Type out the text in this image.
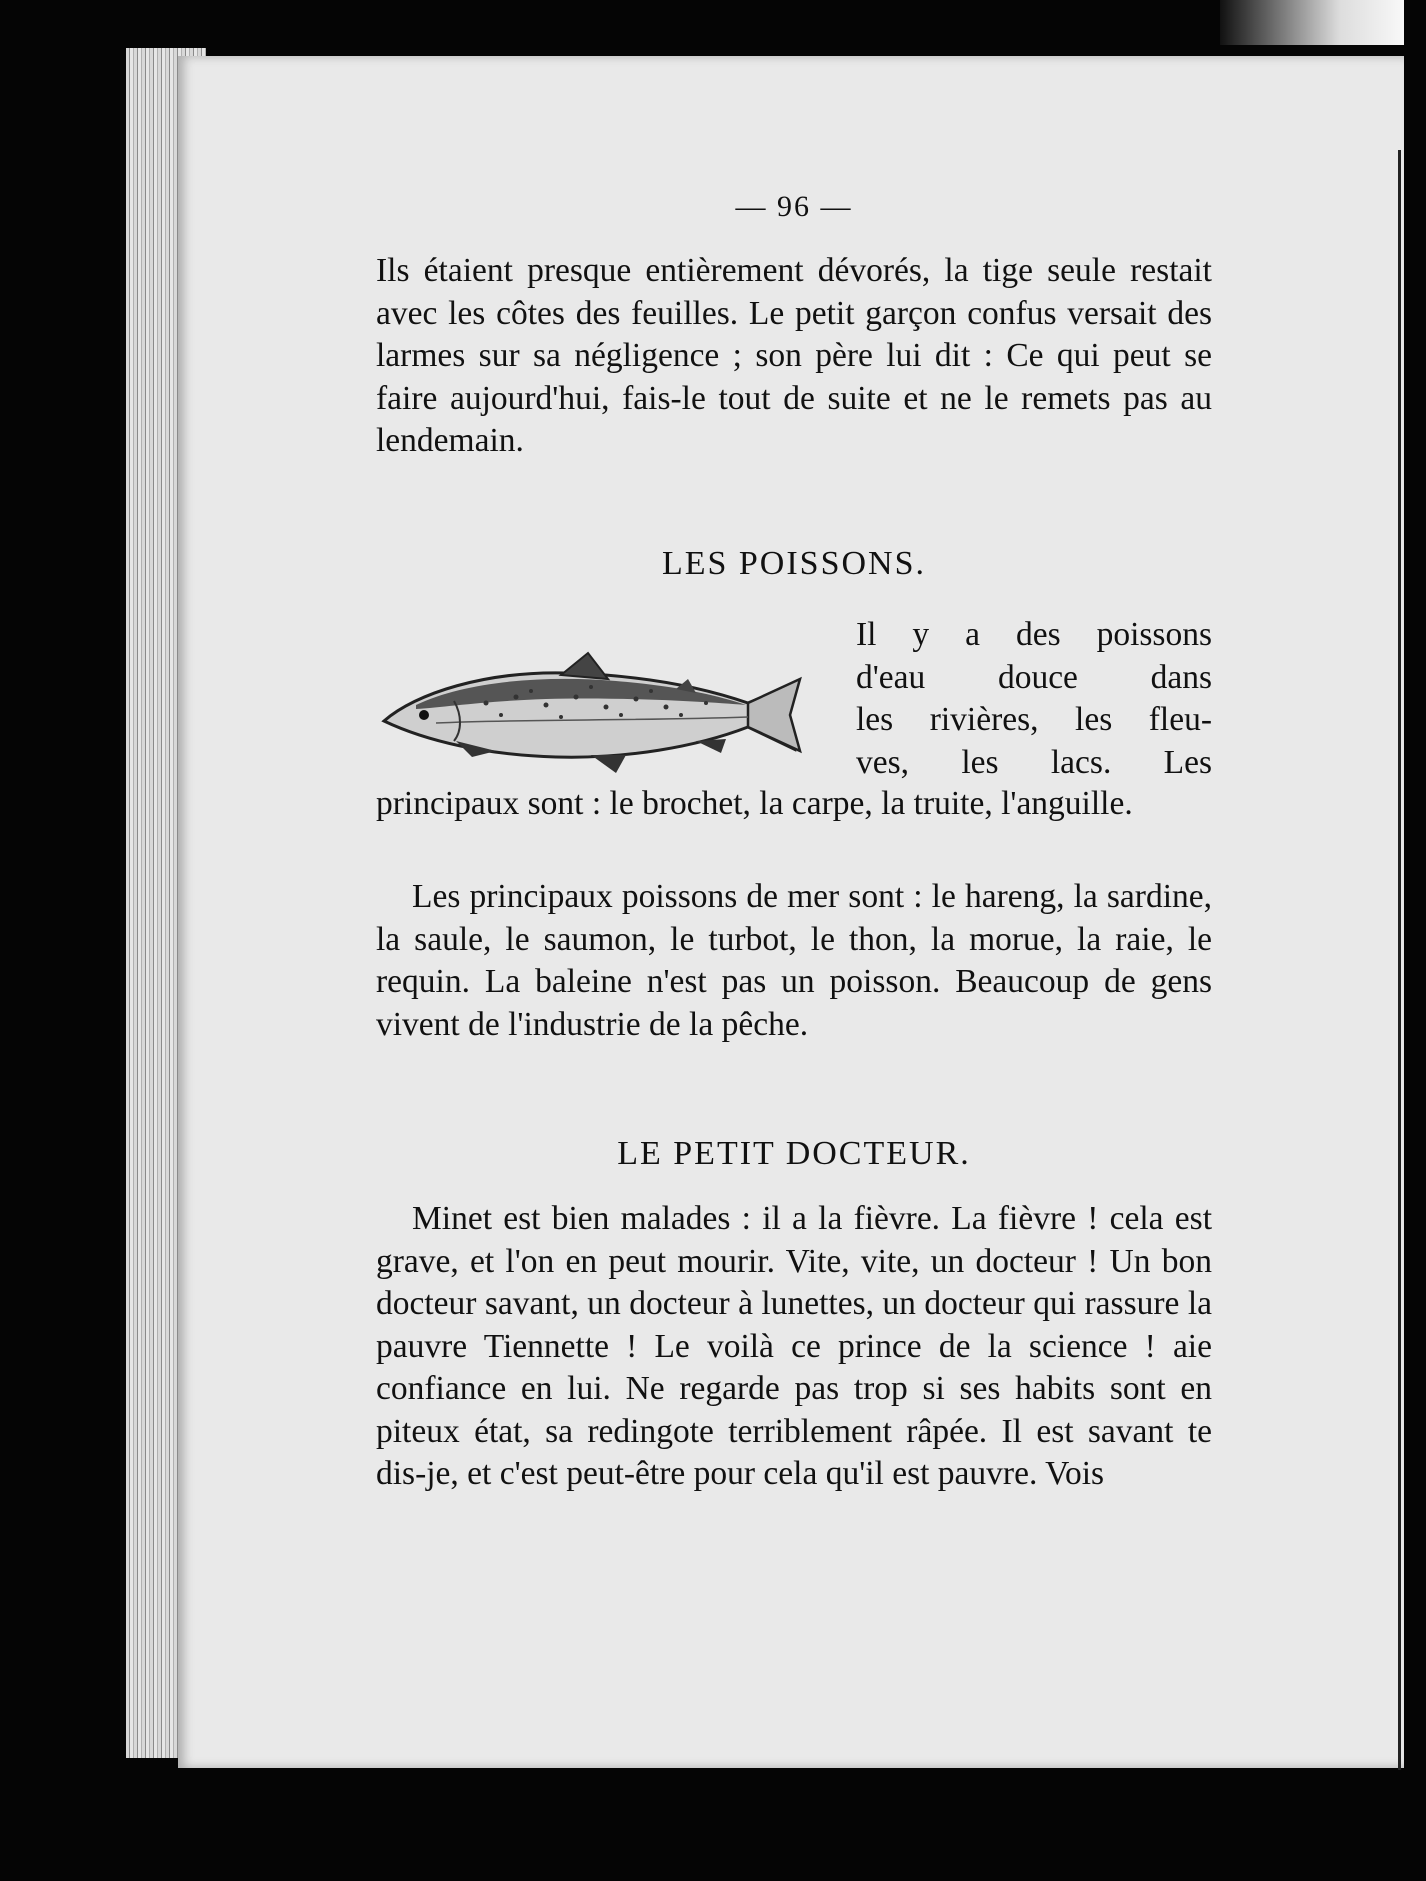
— 96 —

Ils étaient presque entièrement dévorés, la tige seule restait avec les côtes des feuilles. Le petit garçon confus versait des larmes sur sa négligence ; son père lui dit : Ce qui peut se faire aujourd'hui, fais-le tout de suite et ne le remets pas au lendemain.

LES POISSONS.
Il y a des poissons
d'eau douce dans
les rivières, les fleu-
ves, les lacs. Les

principaux sont : le brochet, la carpe, la truite, l'anguille.

Les principaux poissons de mer sont : le hareng, la sardine, la saule, le saumon, le turbot, le thon, la morue, la raie, le requin. La baleine n'est pas un poisson. Beaucoup de gens vivent de l'industrie de la pêche.

LE PETIT DOCTEUR.

Minet est bien malades : il a la fièvre. La fièvre ! cela est grave, et l'on en peut mourir. Vite, vite, un docteur ! Un bon docteur savant, un docteur à lunettes, un docteur qui rassure la pauvre Tiennette ! Le voilà ce prince de la science ! aie confiance en lui. Ne regarde pas trop si ses habits sont en piteux état, sa redingote terriblement râpée. Il est savant te dis-je, et c'est peut-être pour cela qu'il est pauvre. Vois
